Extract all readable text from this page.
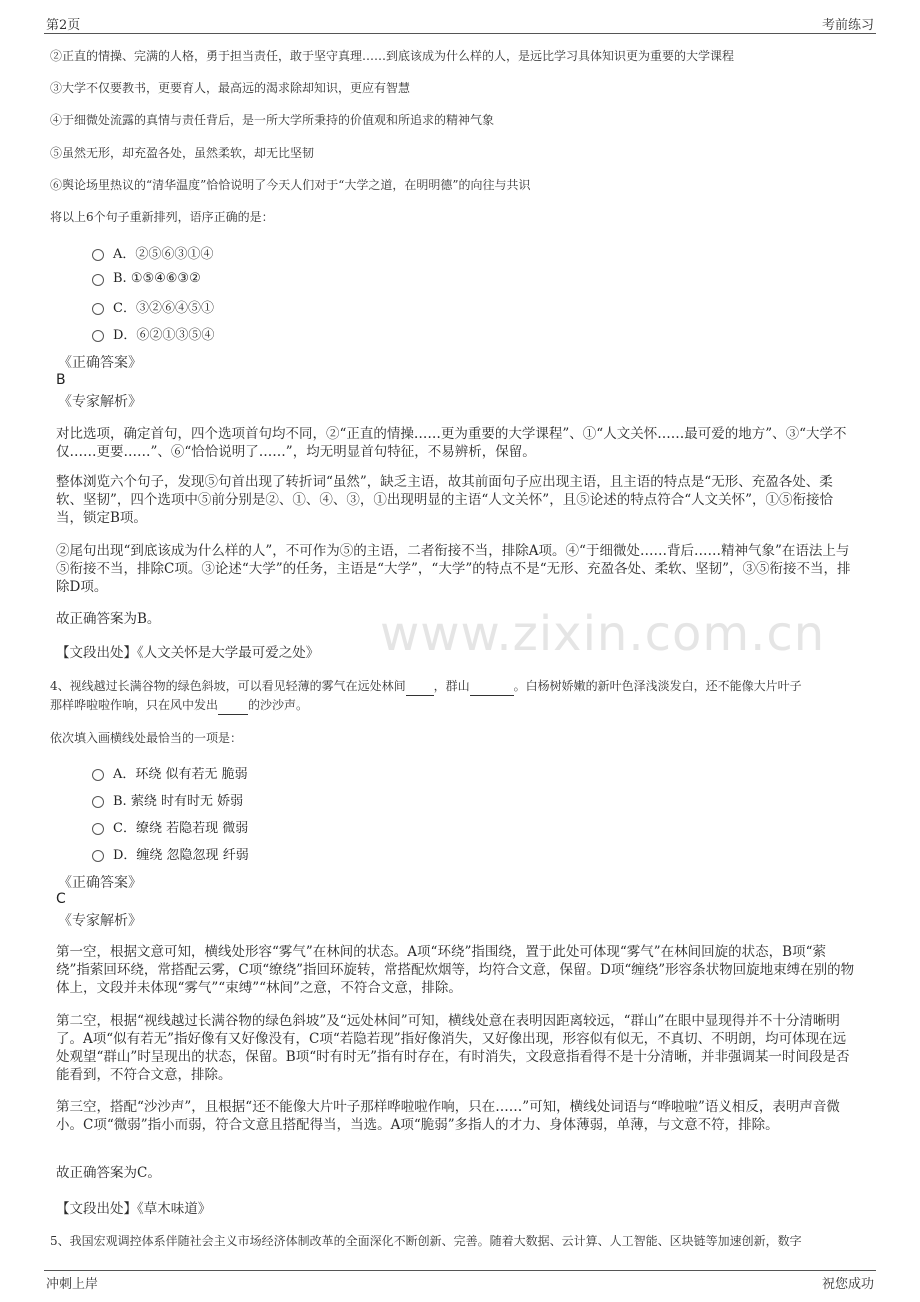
第2页	考前练习
www.zixin.com.cn
②正直的情操、完满的人格，勇于担当责任，敢于坚守真理……到底该成为什么样的人，是远比学习具体知识更为重要的大学课程
③大学不仅要教书，更要育人，最高远的渴求除却知识，更应有智慧
④于细微处流露的真情与责任背后，是一所大学所秉持的价值观和所追求的精神气象
⑤虽然无形，却充盈各处，虽然柔软，却无比坚韧
⑥舆论场里热议的“清华温度”恰恰说明了今天人们对于“大学之道，在明明德”的向往与共识
将以上6个句子重新排列，语序正确的是：
A．②⑤⑥③①④
B. ①⑤④⑥③②
C．③②⑥④⑤①
D．⑥②①③⑤④
《正确答案》
B
《专家解析》
对比选项，确定首句，四个选项首句均不同，②“正直的情操……更为重要的大学课程”、①“人文关怀……最可爱的地方”、③“大学不仅……更要……”、⑥“恰恰说明了……”，均无明显首句特征，不易辨析，保留。
整体浏览六个句子，发现⑤句首出现了转折词“虽然”，缺乏主语，故其前面句子应出现主语，且主语的特点是“无形、充盈各处、柔软、坚韧”，四个选项中⑤前分别是②、①、④、③，①出现明显的主语“人文关怀”，且⑤论述的特点符合“人文关怀”，①⑤衔接恰当，锁定B项。
②尾句出现“到底该成为什么样的人”，不可作为⑤的主语，二者衔接不当，排除A项。④“于细微处……背后……精神气象”在语法上与⑤衔接不当，排除C项。③论述“大学”的任务，主语是“大学”，“大学”的特点不是“无形、充盈各处、柔软、坚韧”，③⑤衔接不当，排除D项。
故正确答案为B。
【文段出处】《人文关怀是大学最可爱之处》
4、视线越过长满谷物的绿色斜坡，可以看见轻薄的雾气在远处林间 ，群山	。白杨树娇嫩的新叶色泽浅淡发白，还不能像大片叶子
那样哗啦啦作响，只在风中发出	的沙沙声。
依次填入画横线处最恰当的一项是：
A．环绕 似有若无 脆弱
B. 萦绕 时有时无 娇弱
C．缭绕 若隐若现 微弱
D．缠绕 忽隐忽现 纤弱
《正确答案》
C
《专家解析》
第一空，根据文意可知，横线处形容“雾气”在林间的状态。A项“环绕”指围绕，置于此处可体现“雾气”在林间回旋的状态，B项“萦绕”指萦回环绕，常搭配云雾，C项“缭绕”指回环旋转，常搭配炊烟等，均符合文意，保留。D项“缠绕”形容条状物回旋地束缚在别的物体上，文段并未体现“雾气”“束缚”“林间”之意，不符合文意，排除。
第二空，根据“视线越过长满谷物的绿色斜坡”及“远处林间”可知，横线处意在表明因距离较远，“群山”在眼中显现得并不十分清晰明了。A项“似有若无”指好像有又好像没有，C项“若隐若现”指好像消失，又好像出现，形容似有似无，不真切、不明朗，均可体现在远处观望“群山”时呈现出的状态，保留。B项“时有时无”指有时存在，有时消失，文段意指看得不是十分清晰，并非强调某一时间段是否能看到，不符合文意，排除。
第三空，搭配“沙沙声”，且根据“还不能像大片叶子那样哗啦啦作响，只在……”可知，横线处词语与“哗啦啦”语义相反，表明声音微小。C项“微弱”指小而弱，符合文意且搭配得当，当选。A项“脆弱”多指人的才力、身体薄弱，单薄，与文意不符，排除。
故正确答案为C。
【文段出处】《草木味道》
5、我国宏观调控体系伴随社会主义市场经济体制改革的全面深化不断创新、完善。随着大数据、云计算、人工智能、区块链等加速创新，数字
冲刺上岸	祝您成功
